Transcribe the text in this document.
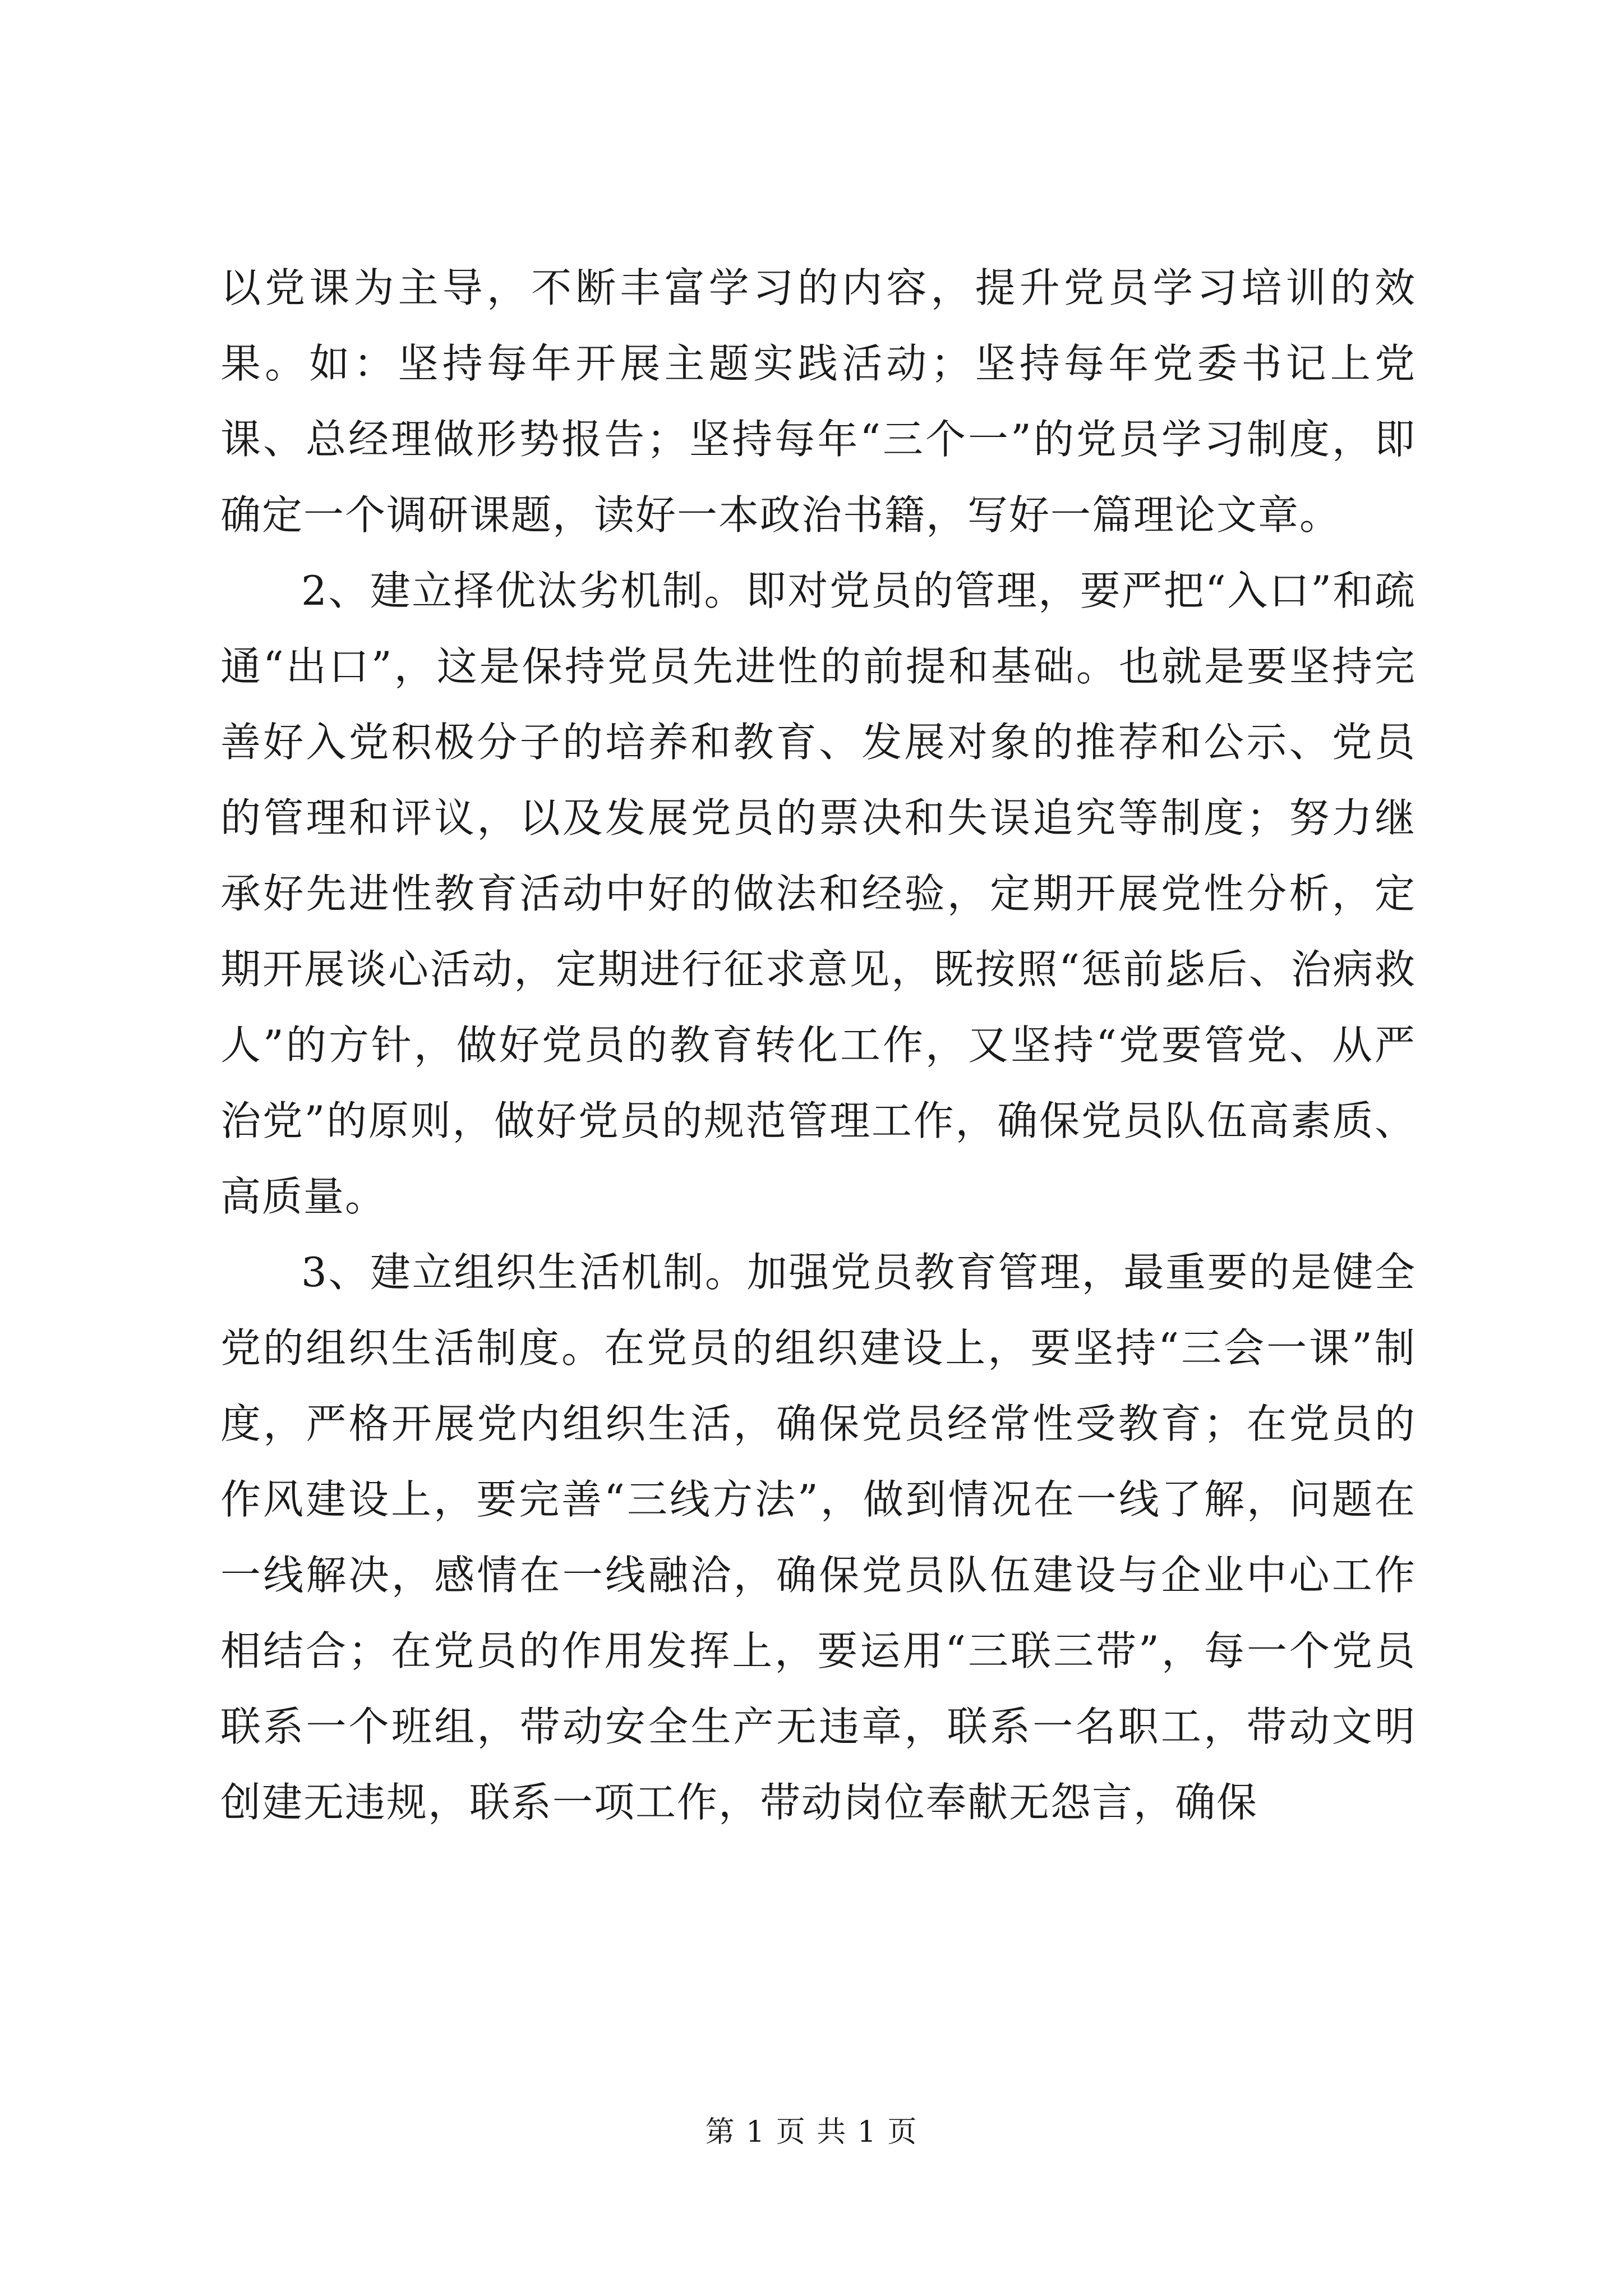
以党课为主导，不断丰富学习的内容，提升党员学习培训的效果。如：坚持每年开展主题实践活动；坚持每年党委书记上党课、总经理做形势报告；坚持每年“三个一”的党员学习制度，即确定一个调研课题，读好一本政治书籍，写好一篇理论文章。

2、建立择优汰劣机制。即对党员的管理，要严把“入口”和疏通“出口”，这是保持党员先进性的前提和基础。也就是要坚持完善好入党积极分子的培养和教育、发展对象的推荐和公示、党员的管理和评议，以及发展党员的票决和失误追究等制度；努力继承好先进性教育活动中好的做法和经验，定期开展党性分析，定期开展谈心活动，定期进行征求意见，既按照“惩前毖后、治病救人”的方针，做好党员的教育转化工作，又坚持“党要管党、从严治党”的原则，做好党员的规范管理工作，确保党员队伍高素质、高质量。

3、建立组织生活机制。加强党员教育管理，最重要的是健全党的组织生活制度。在党员的组织建设上，要坚持“三会一课”制度，严格开展党内组织生活，确保党员经常性受教育；在党员的作风建设上，要完善“三线方法”，做到情况在一线了解，问题在一线解决，感情在一线融洽，确保党员队伍建设与企业中心工作相结合；在党员的作用发挥上，要运用“三联三带”，每一个党员联系一个班组，带动安全生产无违章，联系一名职工，带动文明创建无违规，联系一项工作，带动岗位奉献无怨言，确保

第 1 页 共 1 页
